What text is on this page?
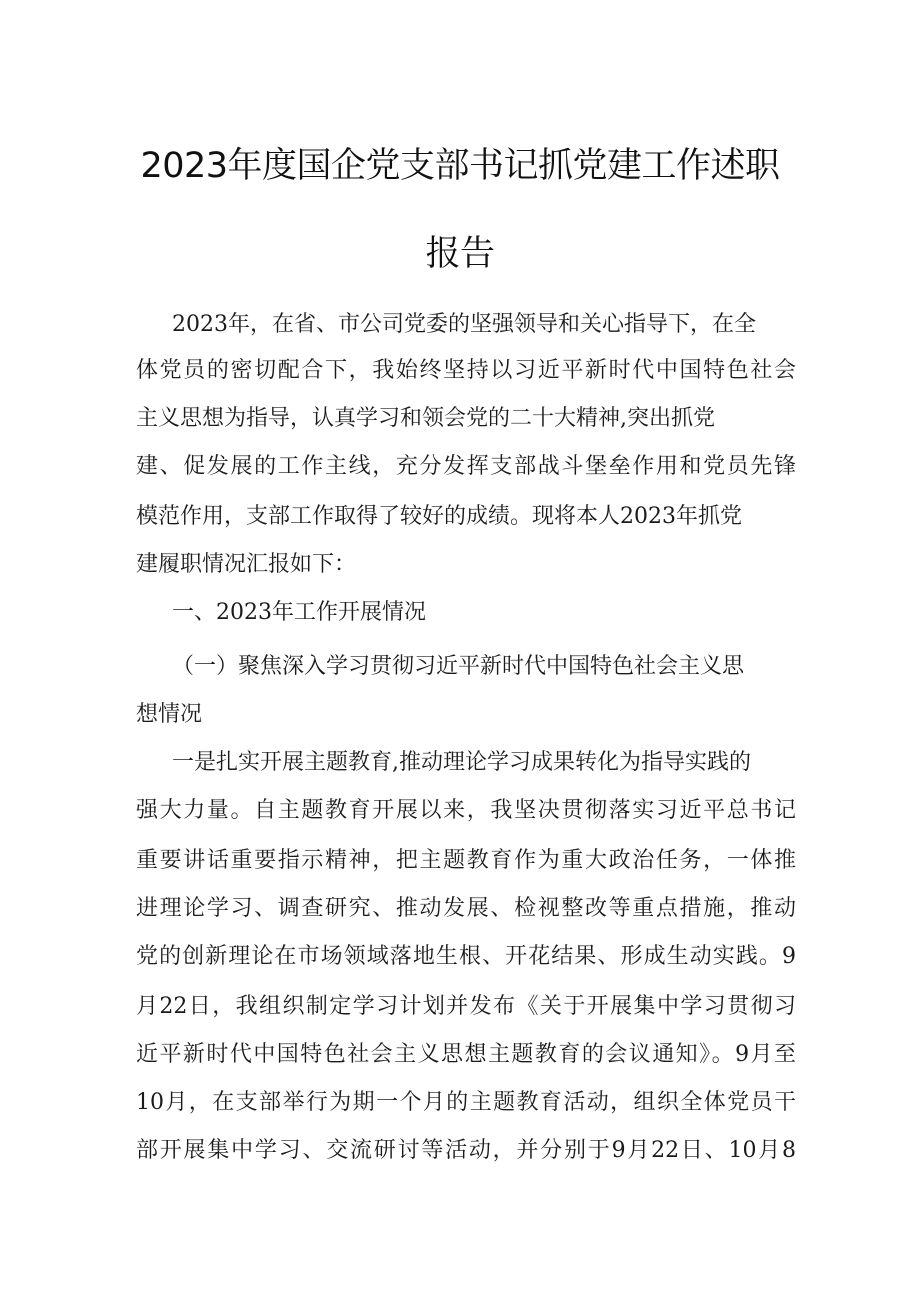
2023年度国企党支部书记抓党建工作述职
报告
2023年，在省、市公司党委的坚强领导和关心指导下，在全
体党员的密切配合下，我始终坚持以习近平新时代中国特色社会
主义思想为指导，认真学习和领会党的二十大精神,突出抓党
建、促发展的工作主线，充分发挥支部战斗堡垒作用和党员先锋
模范作用，支部工作取得了较好的成绩。现将本人2023年抓党
建履职情况汇报如下：
一、2023年工作开展情况
（一）聚焦深入学习贯彻习近平新时代中国特色社会主义思
想情况
一是扎实开展主题教育,推动理论学习成果转化为指导实践的
强大力量。自主题教育开展以来，我坚决贯彻落实习近平总书记
重要讲话重要指示精神，把主题教育作为重大政治任务，一体推
进理论学习、调查研究、推动发展、检视整改等重点措施，推动
党的创新理论在市场领域落地生根、开花结果、形成生动实践。9
月22日，我组织制定学习计划并发布《关于开展集中学习贯彻习
近平新时代中国特色社会主义思想主题教育的会议通知》。9月至
10月，在支部举行为期一个月的主题教育活动，组织全体党员干
部开展集中学习、交流研讨等活动，并分别于9月22日、10月8
